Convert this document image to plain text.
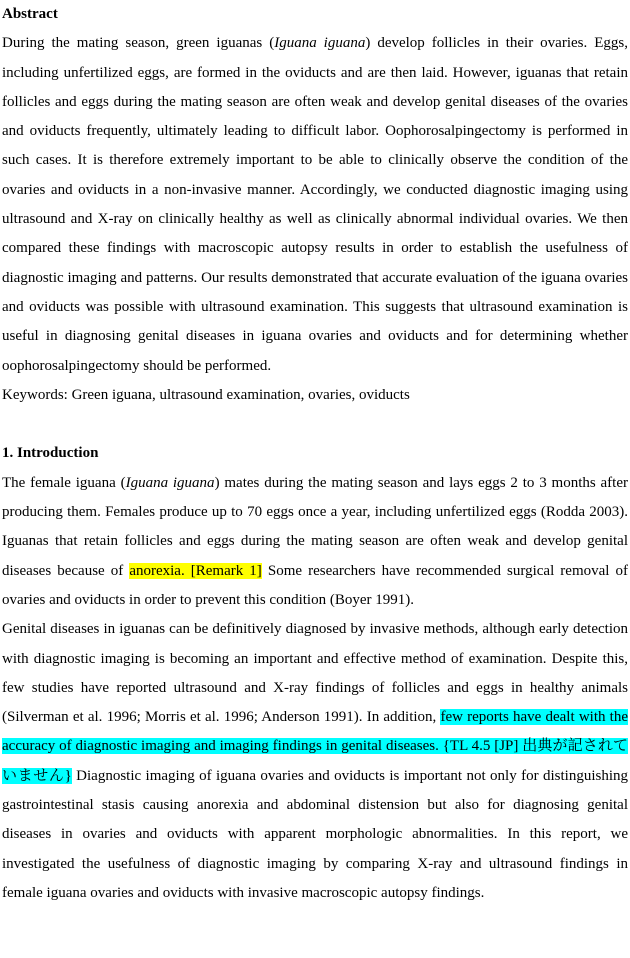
Abstract

During the mating season, green iguanas (Iguana iguana) develop follicles in their ovaries. Eggs, including unfertilized eggs, are formed in the oviducts and are then laid. However, iguanas that retain follicles and eggs during the mating season are often weak and develop genital diseases of the ovaries and oviducts frequently, ultimately leading to difficult labor. Oophorosalpingectomy is performed in such cases. It is therefore extremely important to be able to clinically observe the condition of the ovaries and oviducts in a non-invasive manner. Accordingly, we conducted diagnostic imaging using ultrasound and X-ray on clinically healthy as well as clinically abnormal individual ovaries. We then compared these findings with macroscopic autopsy results in order to establish the usefulness of diagnostic imaging and patterns. Our results demonstrated that accurate evaluation of the iguana ovaries and oviducts was possible with ultrasound examination. This suggests that ultrasound examination is useful in diagnosing genital diseases in iguana ovaries and oviducts and for determining whether oophorosalpingectomy should be performed.

Keywords: Green iguana, ultrasound examination, ovaries, oviducts

1. Introduction

The female iguana (Iguana iguana) mates during the mating season and lays eggs 2 to 3 months after producing them. Females produce up to 70 eggs once a year, including unfertilized eggs (Rodda 2003). Iguanas that retain follicles and eggs during the mating season are often weak and develop genital diseases because of anorexia. [Remark 1] Some researchers have recommended surgical removal of ovaries and oviducts in order to prevent this condition (Boyer 1991).

Genital diseases in iguanas can be definitively diagnosed by invasive methods, although early detection with diagnostic imaging is becoming an important and effective method of examination. Despite this, few studies have reported ultrasound and X-ray findings of follicles and eggs in healthy animals (Silverman et al. 1996; Morris et al. 1996; Anderson 1991). In addition, few reports have dealt with the accuracy of diagnostic imaging and imaging findings in genital diseases. {TL 4.5 [JP] 出典が記されていません} Diagnostic imaging of iguana ovaries and oviducts is important not only for distinguishing gastrointestinal stasis causing anorexia and abdominal distension but also for diagnosing genital diseases in ovaries and oviducts with apparent morphologic abnormalities. In this report, we investigated the usefulness of diagnostic imaging by comparing X-ray and ultrasound findings in female iguana ovaries and oviducts with invasive macroscopic autopsy findings.
